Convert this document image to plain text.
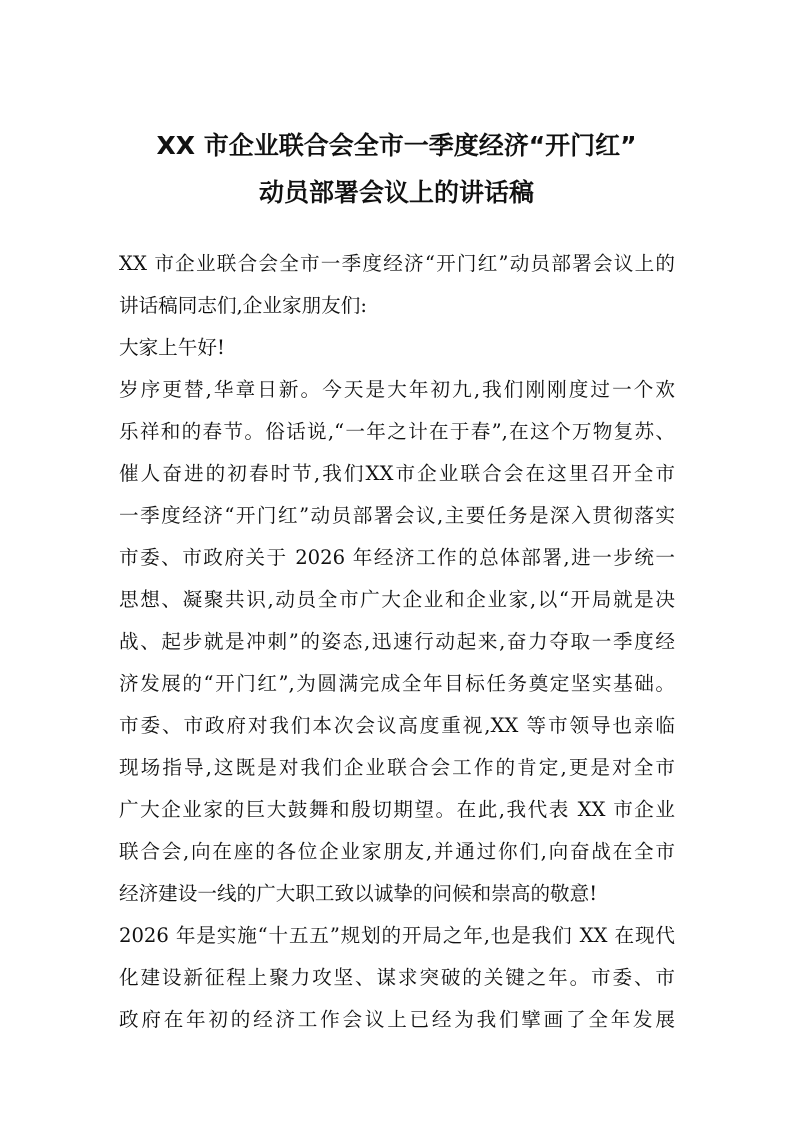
XX 市企业联合会全市一季度经济“开门红”
动员部署会议上的讲话稿
XX 市企业联合会全市一季度经济“开门红”动员部署会议上的
讲话稿同志们,企业家朋友们:
大家上午好!
岁序更替,华章日新。今天是大年初九,我们刚刚度过一个欢
乐祥和的春节。俗话说,“一年之计在于春”,在这个万物复苏、
催人奋进的初春时节,我们XX市企业联合会在这里召开全市
一季度经济“开门红”动员部署会议,主要任务是深入贯彻落实
市委、市政府关于 2026 年经济工作的总体部署,进一步统一
思想、凝聚共识,动员全市广大企业和企业家,以“开局就是决
战、起步就是冲刺”的姿态,迅速行动起来,奋力夺取一季度经
济发展的“开门红”,为圆满完成全年目标任务奠定坚实基础。
市委、市政府对我们本次会议高度重视,XX 等市领导也亲临
现场指导,这既是对我们企业联合会工作的肯定,更是对全市
广大企业家的巨大鼓舞和殷切期望。在此,我代表 XX 市企业
联合会,向在座的各位企业家朋友,并通过你们,向奋战在全市
经济建设一线的广大职工致以诚挚的问候和崇高的敬意!
2026 年是实施“十五五”规划的开局之年,也是我们 XX 在现代
化建设新征程上聚力攻坚、谋求突破的关键之年。市委、市
政府在年初的经济工作会议上已经为我们擘画了全年发展
